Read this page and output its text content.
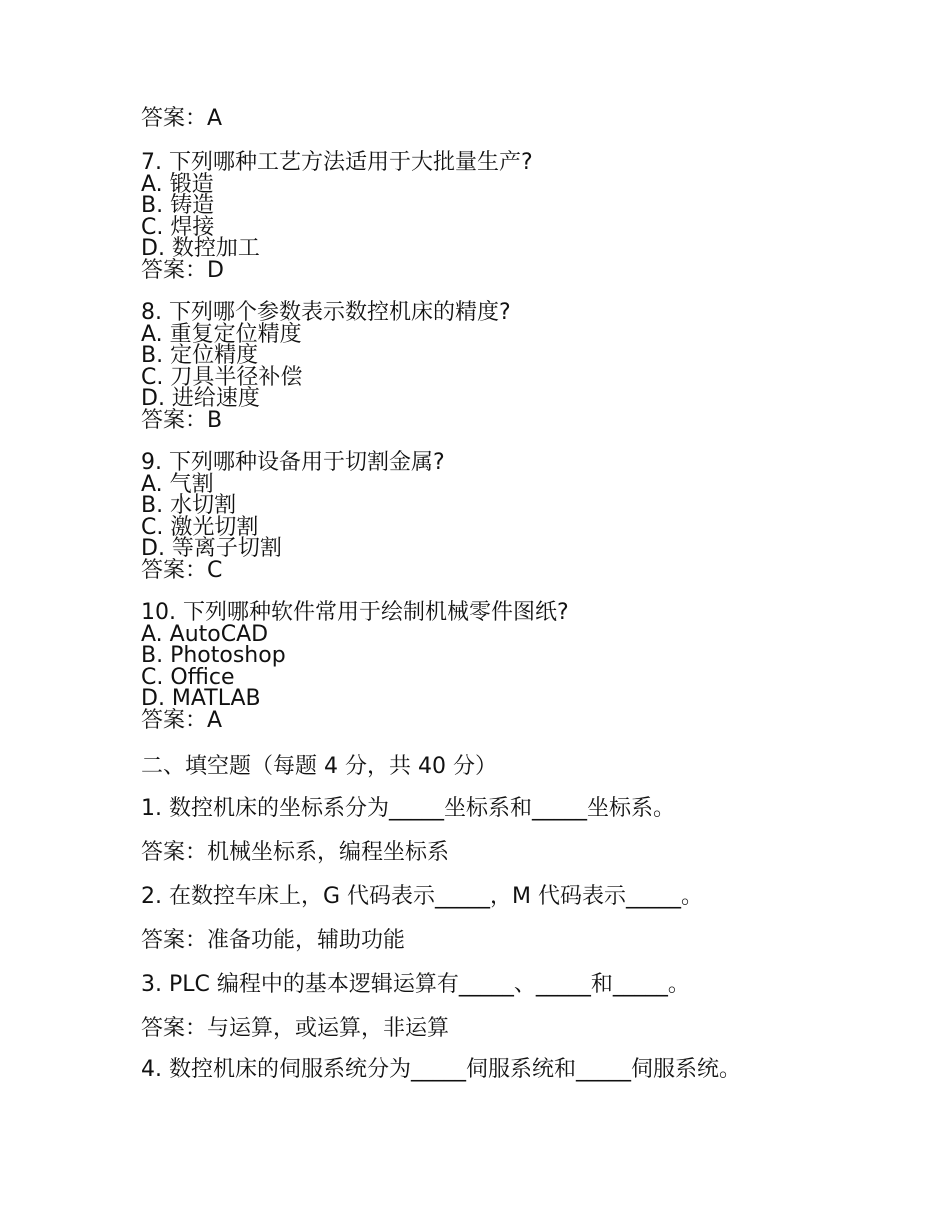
答案：A
7. 下列哪种工艺方法适用于大批量生产?
A. 锻造
B. 铸造
C. 焊接
D. 数控加工
答案：D
8. 下列哪个参数表示数控机床的精度?
A. 重复定位精度
B. 定位精度
C. 刀具半径补偿
D. 进给速度
答案：B
9. 下列哪种设备用于切割金属?
A. 气割
B. 水切割
C. 激光切割
D. 等离子切割
答案：C
10. 下列哪种软件常用于绘制机械零件图纸?
A. AutoCAD
B. Photoshop
C. Office
D. MATLAB
答案：A
二、填空题（每题 4 分，共 40 分）
1. 数控机床的坐标系分为_____坐标系和_____坐标系。
答案：机械坐标系，编程坐标系
2. 在数控车床上，G 代码表示_____，M 代码表示_____。
答案：准备功能，辅助功能
3. PLC 编程中的基本逻辑运算有_____、_____和_____。
答案：与运算，或运算，非运算
4. 数控机床的伺服系统分为_____伺服系统和_____伺服系统。
